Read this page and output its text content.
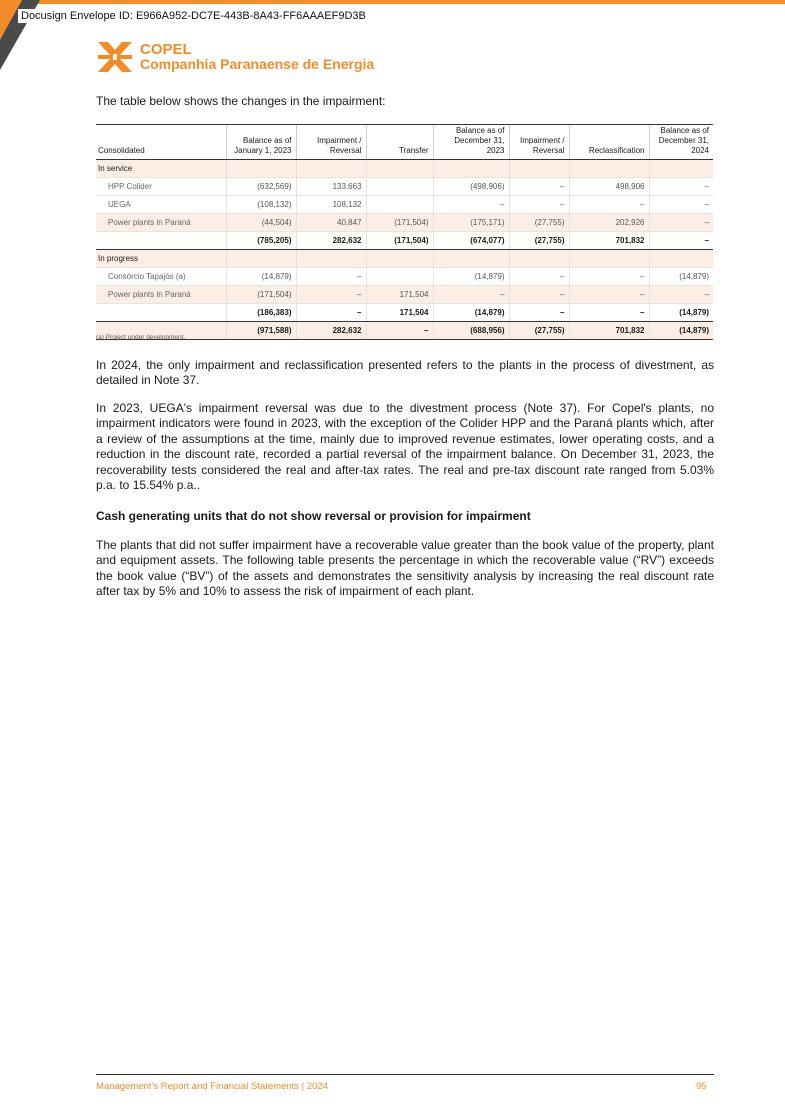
Docusign Envelope ID: E966A952-DC7E-443B-8A43-FF6AAAEF9D3B
COPEL
Companhia Paranaense de Energia
The table below shows the changes in the impairment:
Consolidated	Balance as of January 1, 2023	Impairment / Reversal	Transfer	Balance as of December 31, 2023	Impairment / Reversal	Reclassification	Balance as of December 31, 2024
In service							
HPP Colider	(632,569)	133,663		(498,906)	–	498,906	–
UEGA	(108,132)	108,132		–	–	–	–
Power plants in Paraná	(44,504)	40,847	(171,504)	(175,171)	(27,755)	202,926	–
	(785,205)	282,632	(171,504)	(674,077)	(27,755)	701,832	–
In progress							
Consórcio Tapajós (a)	(14,879)	–		(14,879)	–	–	(14,879)
Power plants in Paraná	(171,504)	–	171,504	–	–	–	–
	(186,383)	–	171,504	(14,879)	–	–	(14,879)
	(971,588)	282,632	–	(688,956)	(27,755)	701,832	(14,879)
(a) Project under development.
In 2024, the only impairment and reclassification presented refers to the plants in the process of divestment, as detailed in Note 37.
In 2023, UEGA's impairment reversal was due to the divestment process (Note 37). For Copel's plants, no impairment indicators were found in 2023, with the exception of the Colider HPP and the Paraná plants which, after a review of the assumptions at the time, mainly due to improved revenue estimates, lower operating costs, and a reduction in the discount rate, recorded a partial reversal of the impairment balance. On December 31, 2023, the recoverability tests considered the real and after-tax rates. The real and pre-tax discount rate ranged from 5.03% p.a. to 15.54% p.a..
Cash generating units that do not show reversal or provision for impairment
The plants that did not suffer impairment have a recoverable value greater than the book value of the property, plant and equipment assets. The following table presents the percentage in which the recoverable value (“RV”) exceeds the book value (“BV”) of the assets and demonstrates the sensitivity analysis by increasing the real discount rate after tax by 5% and 10% to assess the risk of impairment of each plant.
Management's Report and Financial Statements | 2024	95
